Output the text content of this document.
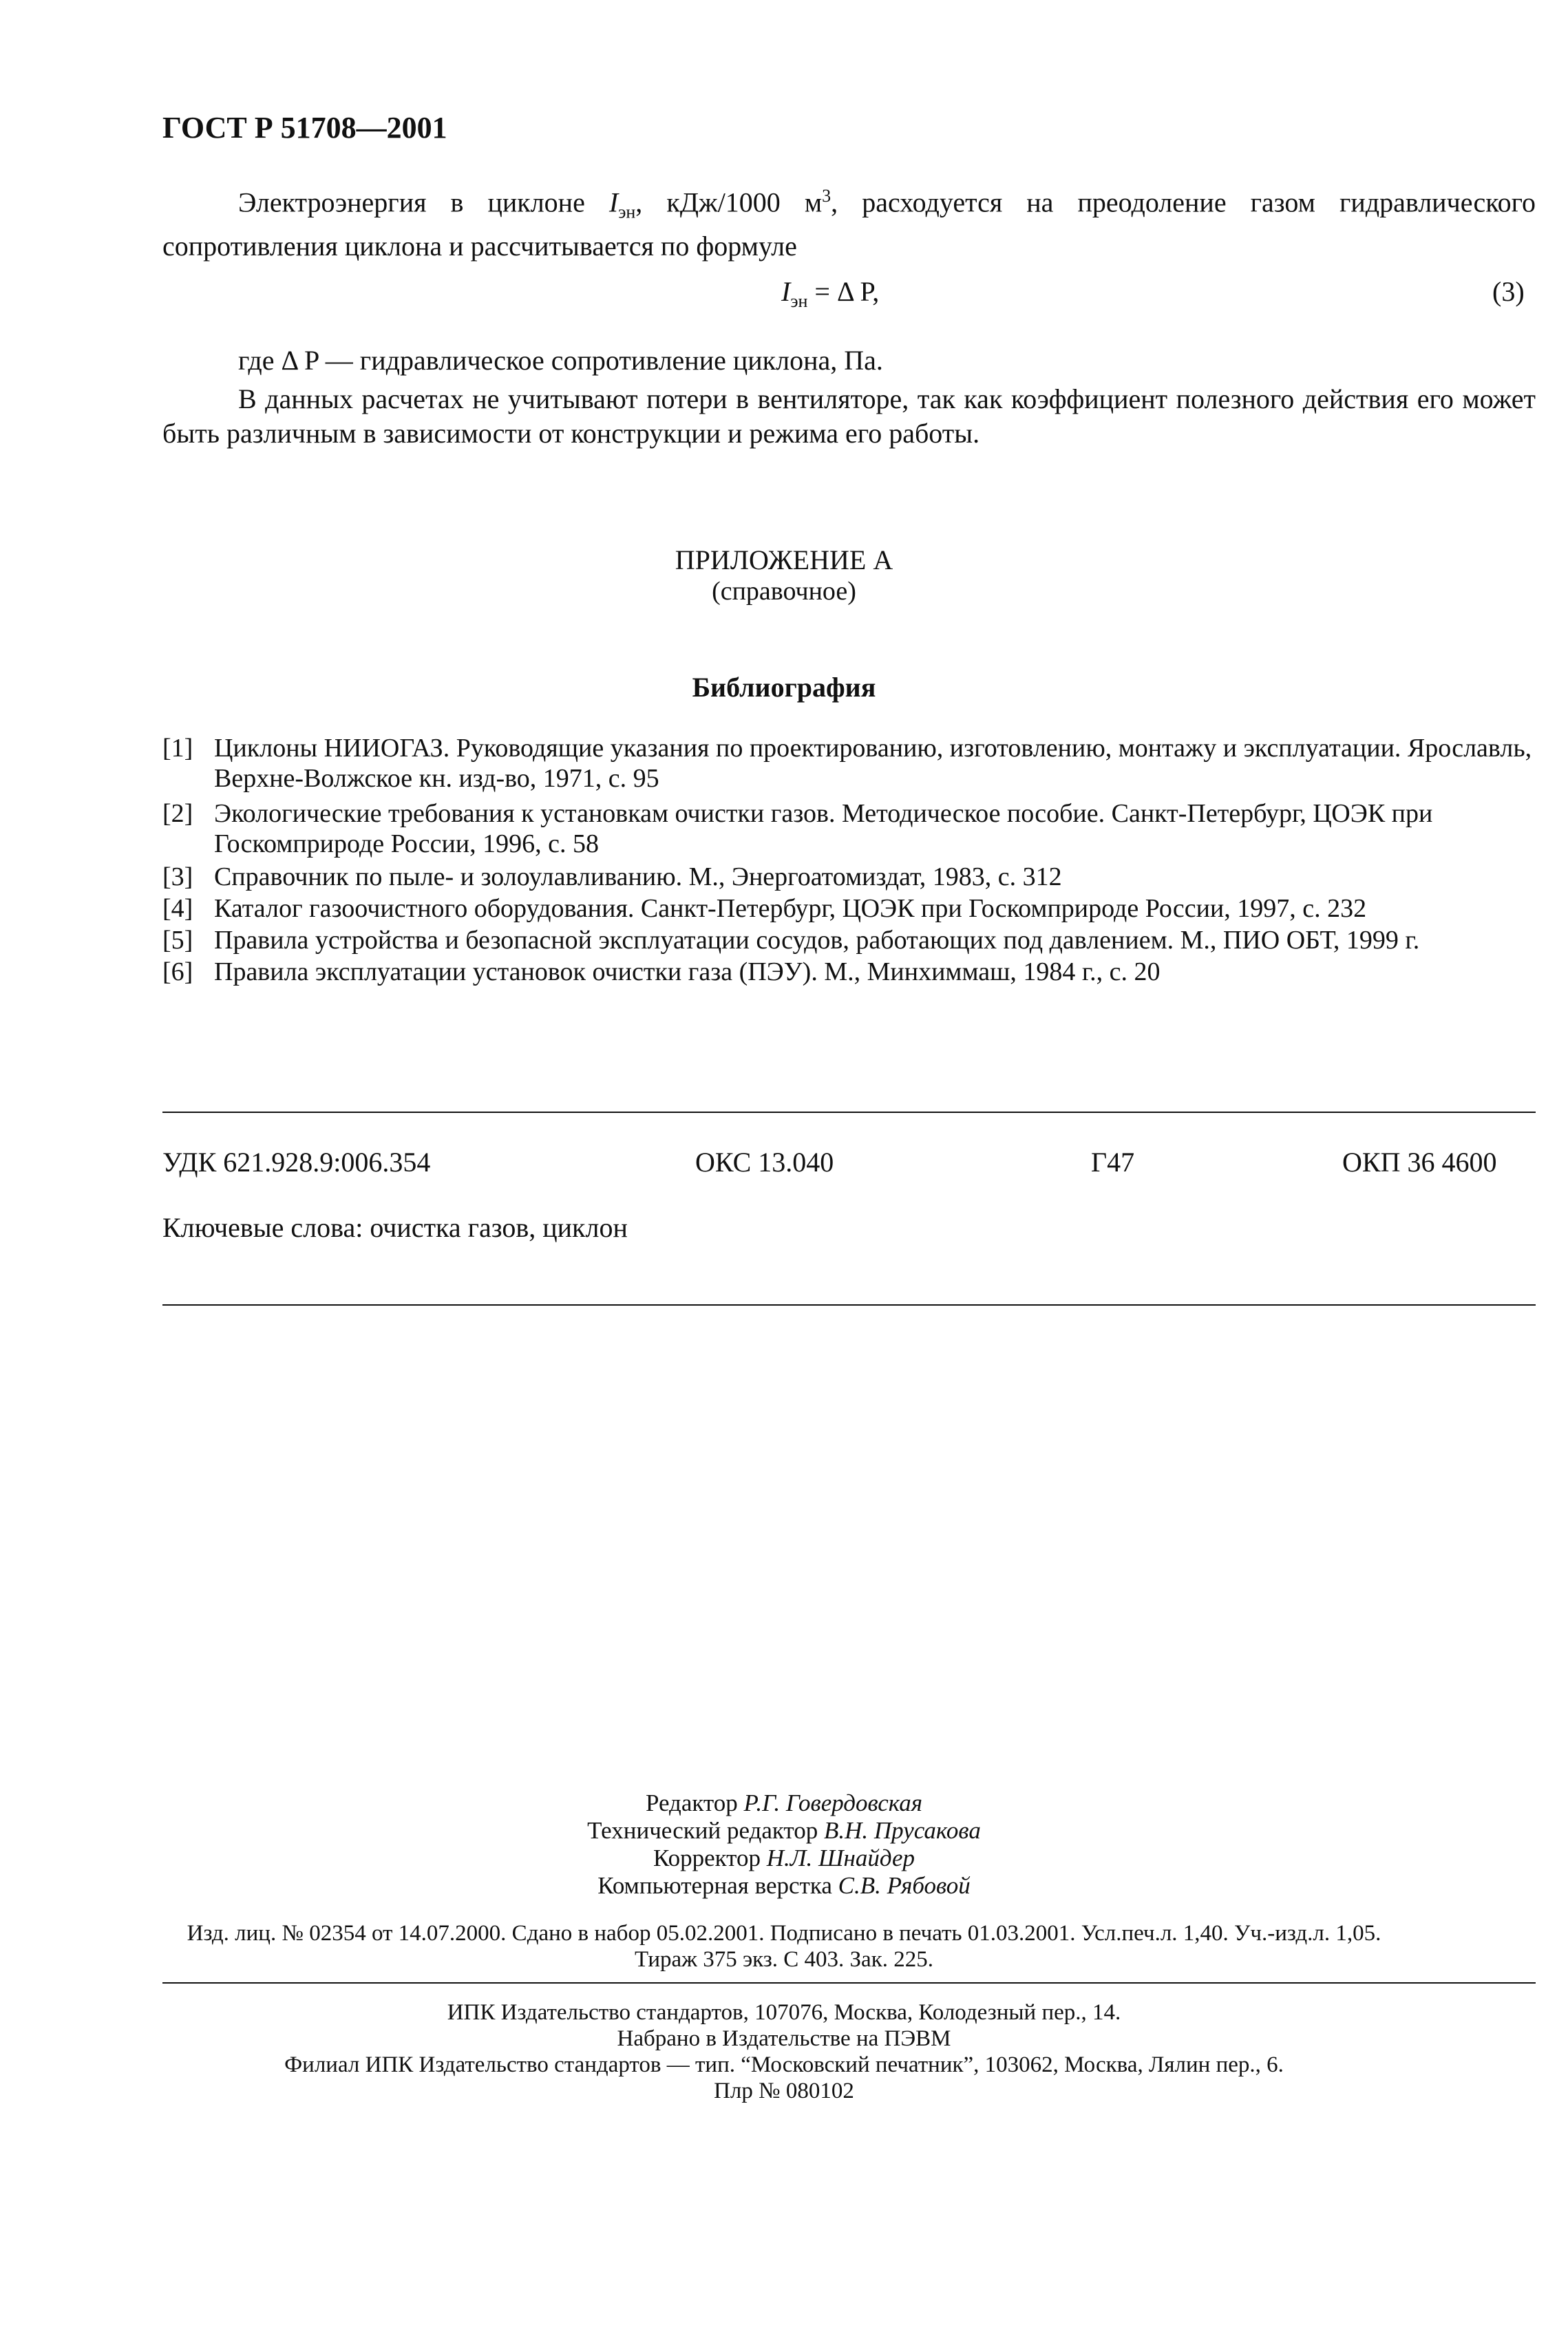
ГОСТ Р 51708—2001
Электроэнергия в циклоне $I_{эн}$, кДж/1000 $м^3$, расходуется на преодоление газом гидравлического сопротивления циклона и рассчитывается по формуле
$I_{эн} = \Delta$ P,	(3)
где Δ P — гидравлическое сопротивление циклона, Па.
В данных расчетах не учитывают потери в вентиляторе, так как коэффициент полезного действия его может быть различным в зависимости от конструкции и режима его работы.
ПРИЛОЖЕНИЕ А
(справочное)
Библиография
[1] Циклоны НИИОГАЗ. Руководящие указания по проектированию, изготовлению, монтажу и эксплуатации. Ярославль, Верхне-Волжское кн. изд-во, 1971, с. 95
[2] Экологические требования к установкам очистки газов. Методическое пособие. Санкт-Петербург, ЦОЭК при Госкомприроде России, 1996, с. 58
[3] Справочник по пыле- и золоулавливанию. М., Энергоатомиздат, 1983, с. 312
[4] Каталог газоочистного оборудования. Санкт-Петербург, ЦОЭК при Госкомприроде России, 1997, с. 232
[5] Правила устройства и безопасной эксплуатации сосудов, работающих под давлением. М., ПИО ОБТ, 1999 г.
[6] Правила эксплуатации установок очистки газа (ПЭУ). М., Минхиммаш, 1984 г., с. 20
УДК 621.928.9:006.354	ОКС 13.040	Г47	ОКП 36 4600
Ключевые слова: очистка газов, циклон
Редактор Р.Г. Говердовская
Технический редактор В.Н. Прусакова
Корректор Н.Л. Шнайдер
Компьютерная верстка С.В. Рябовой
Изд. лиц. № 02354 от 14.07.2000. Сдано в набор 05.02.2001. Подписано в печать 01.03.2001. Усл.печ.л. 1,40. Уч.-изд.л. 1,05.
Тираж 375 экз. С 403. Зак. 225.
ИПК Издательство стандартов, 107076, Москва, Колодезный пер., 14.
Набрано в Издательстве на ПЭВМ
Филиал ИПК Издательство стандартов — тип. “Московский печатник”, 103062, Москва, Лялин пер., 6.
Плр № 080102
